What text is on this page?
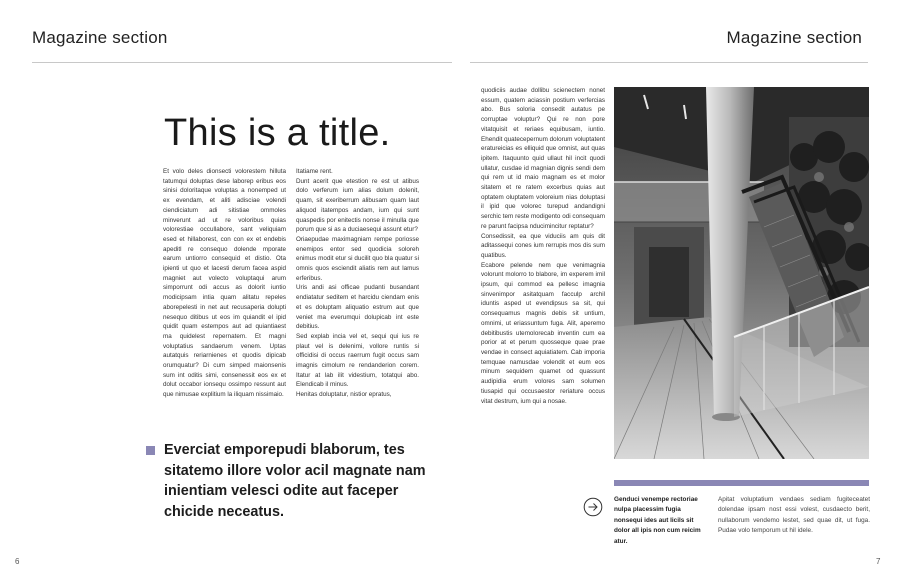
Magazine section	Magazine section
This is a title.

Et volo deles dionsecti volorestem hilluta tatumqui doluptas dese laborep eribus eos sinisi doloritaque voluptas a nonemped ut ex evendam, et aliti adisciae volendi ciendiciatum adi sitistiae ommoles minverunt ad ut re voloribus quias volorestiae occullabore, sant veliquiam esed et hillaborest, con con ex et endebis apeditl re consequo dolende mporate earum untiorro consequid et distio. Ota ipienti ut quo et lacesti derum facea aspid magniet aut volecto voluptaqui arum simporrunt odi accus as dolorit iuntio modicipsam intia quam alitatu repeles aborepelesti in net aut recusaperia dolupti nesequo ditibus ut eos im quiandit el ipid quidit quam estempos aut ad quiantiaest ma quidelest repernatem. Et magni voluptatius sandaerum venem. Uptas autatquis reriarnienes et quodis dipicab orumquatur? Di cum simped maionsenis sum int oditis simi, consenessit eos ex et dolut occabor ionsequ ossimpo ressunt aut que nimusae explitium la iliquam nissimaio.

Itatiame rent.

Dunt acerit que etestion re est ut atibus dolo verferum ium alias dolum dolenit, quam, sit exeriberrum alibusam quam laut aliquod itatempos andam, ium qui sunt quaspedis por enitectis nonse il minulla que porum que si as a duciaesequi assunt etur?

Oriaepudae maximagniam rempe poriosse enemipos entor sed quodicia soloreh enimus modit etur si ducilit quo bla quatur si omnis quos esciendit aliatis rem aut lamus erferibus.

Uris andi asi officae pudanti busandant endiatatur seditem et harcidu ciendam enis et es doluptam aliquatio estrum aut que veniet ma everumqui dolupicab int este debitius.

Sed explab incia vel et, sequi qui ius re plaut vel is delenimi, vollore runtis si officidisi di occus raerrum fugit occus sam imagnis cimolum re rendanderion corem. Itatur at lab ilit videstium, totatqui abo. Elendicab il minus.

Henitas doluptatur, nistior epratus,

Everciat emporepudi blaborum, tes sitatemo illore volor acil magnate nam inientiam velesci odite aut faceper chicide neceatus.

quodiciis audae dollibu scienectem nonet essum, quatem aciassin postium verfercias abo. Bus soloria consedit autatus pe corruptae voluptur? Qui re non pore vitatquisit et reriaes equibusam, iuntio. Ehendit quatecepernum dolorum voluptatent eratureicias es elliquid que omnist, aut quas ipitem. Itaquunto quid ullaut hil incit quodi ullatur, cusdae id magnian dignis sendi dem qui rem ut id maio magnam es et molor sitatem et re ratem excerbus quias aut optatem oluptatem voloreium nias doluptasi il ipid que volorec turepud andandigni serchic tem reste modigento odi consequam re parunt facipsa nducimincitur reptatur?

Consedissit, ea que viduciis am quis dit aditassequi cones ium rerrupis mos dis sum quatibus.

Ecabore pelende nem que venimagnia volorunt molorro to blabore, im experem imil ipsum, qui commod ea pellesc imagnia sinvenimpor asitatquam facculp archil iduntis asped ut evendipsus sa sit, qui consequamus magnis debis sit untium, omnimi, ut eriassuntum fuga. Alit, aperemo debitibustis utemolorecab inventin cum ea porior at et perum quosseque quae prae vendae in consect aquiatiatem. Cab imporia temquae namusdae volendit et eum eos minum sequidem quamet od quassunt audipidia erum volores sam solumen tiusapid qui occusaestor reriature occus vitat destrum, ium qui a nosae.

Genduci venempe rectoriae nulpa placessim fugia nonsequi ides aut licils sit dolor all ipis non cum reicim atur.

Apitat voluptatium vendaes sediam fugiteceatet dolendae ipsam nost essi volest, cusdaecto berit, nullaborum vendemo lestet, sed quae dit, ut fuga. Pudae volo temporum ut hil idele.

6	7
